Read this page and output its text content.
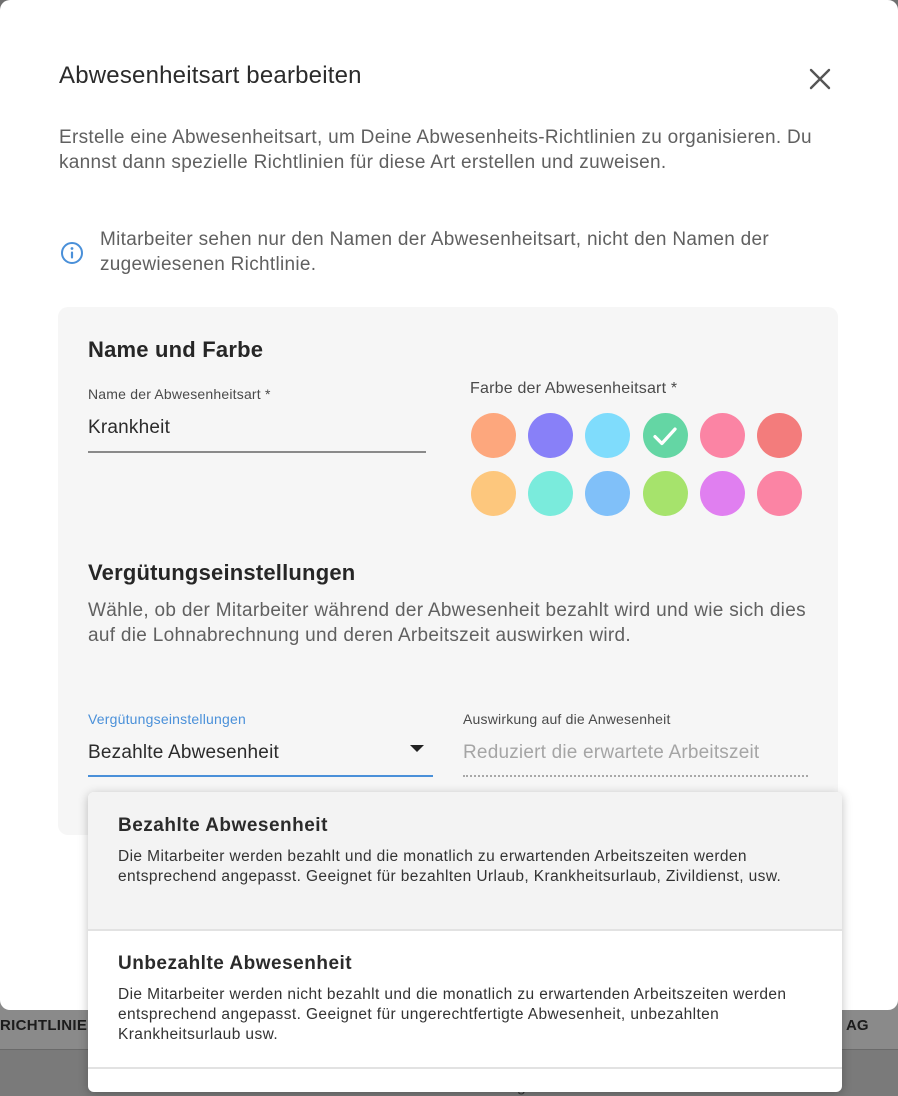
RICHTLINIE	AG
Abwesenheitsart bearbeiten

Erstelle eine Abwesenheitsart, um Deine Abwesenheits-Richtlinien zu organisieren. Du kannst dann spezielle Richtlinien für diese Art erstellen und zuweisen.

Mitarbeiter sehen nur den Namen der Abwesenheitsart, nicht den Namen der zugewiesenen Richtlinie.

Name und Farbe
Name der Abwesenheitsart *
Krankheit
Farbe der Abwesenheitsart *
Vergütungseinstellungen

Wähle, ob der Mitarbeiter während der Abwesenheit bezahlt wird und wie sich dies auf die Lohnabrechnung und deren Arbeitszeit auswirken wird.

Vergütungseinstellungen
Bezahlte Abwesenheit
Auswirkung auf die Anwesenheit
Reduziert die erwartete Arbeitszeit
Bezahlte Abwesenheit
Die Mitarbeiter werden bezahlt und die monatlich zu erwartenden Arbeitszeiten werden entsprechend angepasst. Geeignet für bezahlten Urlaub, Krankheitsurlaub, Zivildienst, usw.
Unbezahlte Abwesenheit
Die Mitarbeiter werden nicht bezahlt und die monatlich zu erwartenden Arbeitszeiten werden entsprechend angepasst. Geeignet für ungerechtfertigte Abwesenheit, unbezahlten Krankheitsurlaub usw.
